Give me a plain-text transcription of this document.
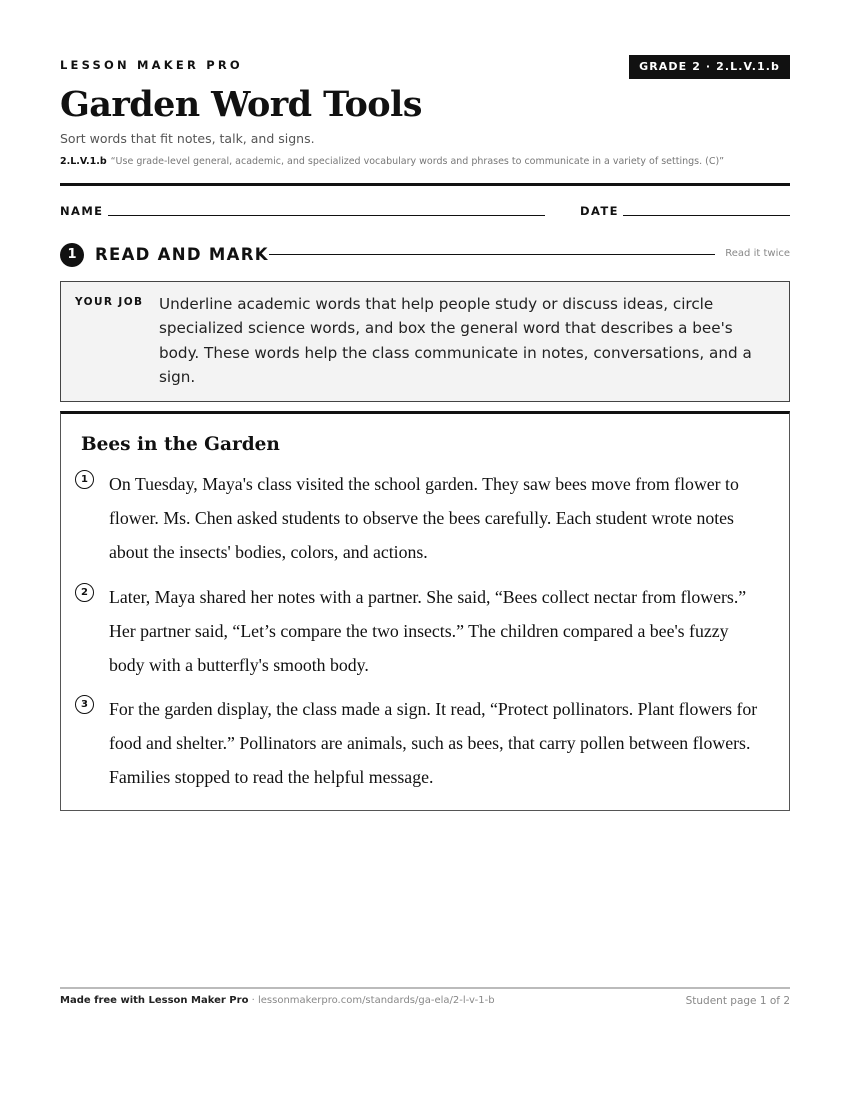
LESSON MAKER PRO	GRADE 2 · 2.L.V.1.b
Garden Word Tools
Sort words that fit notes, talk, and signs.
2.L.V.1.b “Use grade-level general, academic, and specialized vocabulary words and phrases to communicate in a variety of settings. (C)”
NAME	DATE
1	READ AND MARK	Read it twice
YOUR JOB Underline academic words that help people study or discuss ideas, circle specialized science words, and box the general word that describes a bee's body. These words help the class communicate in notes, conversations, and a sign.
Bees in the Garden
1	On Tuesday, Maya's class visited the school garden. They saw bees move from flower to flower. Ms. Chen asked students to observe the bees carefully. Each student wrote notes about the insects' bodies, colors, and actions.

2	Later, Maya shared her notes with a partner. She said, “Bees collect nectar from flowers.” Her partner said, “Let’s compare the two insects.” The children compared a bee's fuzzy body with a butterfly's smooth body.

3	For the garden display, the class made a sign. It read, “Protect pollinators. Plant flowers for food and shelter.” Pollinators are animals, such as bees, that carry pollen between flowers. Families stopped to read the helpful message.

Made free with Lesson Maker Pro · lessonmakerpro.com/standards/ga-ela/2-l-v-1-b	Student page 1 of 2
